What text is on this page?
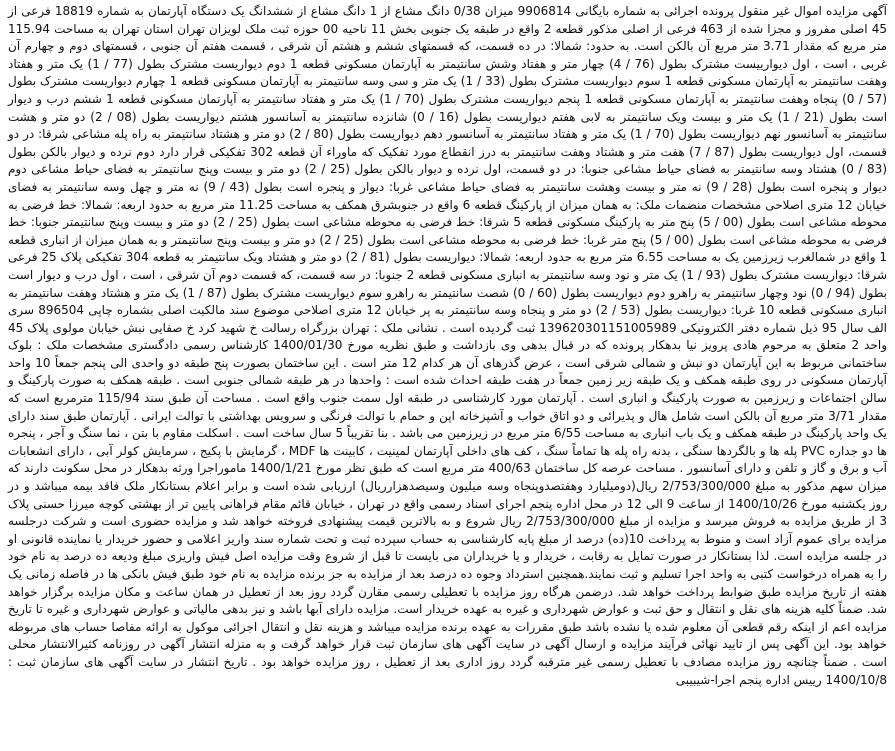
آگهی مزایده اموال غیر منقول پرونده اجرائی به شماره بایگانی 9906814 میزان 0/38 دانگ مشاع از 1 دانگ مشاع از ششدانگ یک دستگاه آپارتمان به شماره 18819 فرعی از 45 اصلی مفروز و مجزا شده از 463 فرعی از اصلی مذکور قطعه 2 واقع در طبقه یک جنوبی بخش 11 ناحیه 00 حوزه ثبت ملک لویزان تهران استان تهران به مساحت 115.94 متر مربع که مقدار 3.71 متر مربع آن بالکن است. به حدود: شمالا: در ده قسمت، که قسمتهای ششم و هشتم آن شرقی ، قسمت هفتم آن جنوبی ، قسمتهای دوم و چهارم آن غربی ، است ، اول دیوارییست مشترک بطول (76 / 4) چهار متر و هفتاد وشش سانتیمتر به آپارتمان مسکونی قطعه 1 دوم دیواریست مشترک بطول (77 / 1) یک متر و هفتاد وهفت سانتیمتر به آپارتمان مسکونی قطعه 1 سوم دیواریست مشترک بطول (33 / 1) یک متر و سی وسه سانتیمتر به آپارتمان مسکونی قطعه 1 چهارم دیواریست مشترک بطول (57 / 0) پنجاه وهفت سانتیمتر به آپارتمان مسکونی قطعه 1 پنجم دیواریست مشترک بطول (70 / 1) یک متر و هفتاد سانتیمتر به آپارتمان مسکونی قطعه 1 ششم درب و دیوار است بطول (21 / 1) یک متر و بیست ویک سانتیمتر به لابی هفتم دیواریست بطول (16 / 0) شانزده سانتیمتر به آسانسور هشتم دیواریست بطول (08 / 2) دو متر و هشت سانتیمتر به آسانسور نهم دیواریست بطول (70 / 1) یک متر و هفتاد سانتیمتر به آسانسور دهم دیواریست بطول (80 / 2) دو متر و هشتاد سانتیمتر به راه پله مشاعی شرقا: در دو قسمت، اول دیواریست بطول (87 / 7) هفت متر و هشتاد وهفت سانتیمتر به درز انقطاع مورد تفکیک که ماوراء آن قطعه 302 تفکیکی قرار دارد دوم نرده و دیوار بالکن بطول (83 / 0) هشتاد وسه سانتیمتر به فضای حیاط مشاعی جنوبا: در دو قسمت، اول نرده و دیوار بالکن بطول (25 / 2) دو متر و بیست وپنج سانتیمتر به فضای حیاط مشاعی دوم دیوار و پنجره است بطول (28 / 9) نه متر و بیست وهشت سانتیمتر به فضای حیاط مشاعی غربا: دیوار و پنجره است بطول (43 / 9) نه متر و چهل وسه سانتیمتر به فضای خیابان 12 متری اصلاحی مشخصات منضمات ملک: به همان میزان از پارکینگ قطعه 6 واقع در جنوبشرق همکف به مساحت 11.25 متر مربع به حدود اربعه: شمالا: خط فرضی به محوطه مشاعی است بطول (00 / 5) پنج متر به پارکینگ مسکونی قطعه 5 شرقا: خط فرضی به محوطه مشاعی است بطول (25 / 2) دو متر و بیست وپنج سانتیمتر جنوبا: خط فرضی به محوطه مشاعی است بطول (00 / 5) پنج متر غربا: خط فرضی به محوطه مشاعی است بطول (25 / 2) دو متر و بیست وپنج سانتیمتر و به همان میزان از انباری قطعه 1 واقع در شمالغرب زیرزمین یک به مساحت 6.55 متر مربع به حدود اربعه: شمالا: دیواریست بطول (81 / 2) دو متر و هشتاد ویک سانتیمتر به قطعه 304 تفکیکی پلاک 25 فرعی شرقا: دیواریست مشترک بطول (93 / 1) یک متر و نود وسه سانتیمتر به انباری مسکونی قطعه 2 جنوبا: در سه قسمت، که قسمت دوم آن شرقی ، است ، اول درب و دیوار است بطول (94 / 0) نود وچهار سانتیمتر به راهرو دوم دیواریست بطول (60 / 0) شصت سانتیمتر به راهرو سوم دیواریست مشترک بطول (87 / 1) یک متر و هشتاد وهفت سانتیمتر به انباری مسکونی قطعه 10 غربا: دیواریست بطول (53 / 2) دو متر و پنجاه وسه سانتیمتر به پر خیابان 12 متری اصلاحی موضوع سند مالکیت اصلی بشماره چاپی 896504 سری الف سال 95 ذیل شماره دفتر الکترونیکی 139620301151005989 ثبت گردیده است . نشانی ملک : تهران بزرگراه رسالت خ شهید کرد خ صفایی نبش خیابان مولوی پلاک 45 واحد 2 متعلق به مرحوم هادی پرویز نیا بدهکار پرونده که در قبال بدهی وی بازداشت و طبق نظریه مورخ 1400/01/30 کارشناس رسمی دادگستری مشخصات ملک : بلوک ساختمانی مربوط به این آپارتمان دو نبش و شمالی شرقی است ، عرض گذرهای آن هر کدام 12 متر است . این ساختمان بصورت پنج طبقه دو واحدی الی پنجم جمعاً 10 واحد آپارتمان مسکونی در روی طبقه همکف و یک طبقه زیر زمین جمعاً در هفت طبقه احداث شده است : واحدها در هر طبقه شمالی جنوبی است . طبقه همکف به صورت پارکینگ و سالن اجتماعات و زیرزمین به صورت پارکینگ و انباری است . آپارتمان مورد کارشناسی در طبقه اول سمت جنوب واقع است . مساحت آن طبق سند 115/94 مترمربع است که مقدار 3/71 متر مربع آن بالکن است شامل هال و پذیرائی و دو اتاق خواب و آشپزخانه اپن و حمام با توالت فرنگی و سرویس بهداشتی با توالت ایرانی . آپارتمان طبق سند دارای یک واحد پارکینگ در طبقه همکف و یک باب انباری به مساحت 6/55 متر مربع در زیرزمین می باشد . بنا تقریباً 5 سال ساخت است . اسکلت مقاوم با بتن ، نما سنگ و آجر ، پنجره ها دو جداره PVC پله ها و بالگردها سنگی ، بدنه راه پله ها تماماً سنگ ، کف های داخلی آپارتمان لمینیت ، کابینت ها MDF ، گرمایش با پکیج ، سرمایش کولر آبی ، دارای انشعابات آب و برق و گاز و تلفن و دارای آسانسور . مساحت عرصه کل ساختمان 400/63 متر مربع است که طبق نظر مورخ 1400/1/21 ماموراجرا ورثه بدهکار در محل سکونت دارند که میزان سهم مذکور به مبلغ 2/753/300/000 ریال(دومیلیارد وهفتصدوپنجاه وسه میلیون وسیصدهزارریال) ارزیابی شده است و برابر اعلام بستانکار ملک فاقد بیمه میباشد و در روز یکشنبه مورخ 1400/10/26 از ساعت 9 الی 12 در محل اداره پنجم اجرای اسناد رسمی واقع در تهران ، خیابان قائم مقام فراهانی پایین تر از بهشتی کوچه میرزا حسنی پلاک 3 از طریق مزایده به فروش میرسد و مزایده از مبلغ 2/753/300/000 ریال شروع و به بالاترین قیمت پیشنهادی فروخته خواهد شد و مزایده حضوری است و شرکت درجلسه مزایده برای عموم آزاد است و منوط به پرداخت 10(ده) درصد از مبلغ پایه کارشناسی به حساب سپرده ثبت و تحت شماره سند واریز اعلامی و حضور خریدار یا نماینده قانونی او در جلسه مزایده است. لذا بستانکار در صورت تمایل به رقابت ، خریدار و یا خریداران می بایست تا قبل از شروع وقت مزایده اصل فیش واریزی مبلغ ودیعه ده درصد به نام خود را به همراه درخواست کتبی به واحد اجرا تسلیم و ثبت نمایند.همچنین استرداد وجوه ده درصد بعد از مزایده به جز برنده مزایده به نام خود طبق فیش بانکی ها در فاصله زمانی یک هفته از تاریخ مزایده طبق ضوابط پرداخت خواهد شد. درضمن هرگاه روز مزایده با تعطیلی رسمی مقارن گردد روز بعد از تعطیل در همان ساعت و مکان مزایده برگزار خواهد شد. ضمناً کلیه هزینه های نقل و انتقال و حق ثبت و عوارض شهرداری و غیره به عهده خریدار است. مزایده دارای آبها باشد و نیز بدهی مالیاتی و عوارض شهرداری و غیره تا تاریخ مزایده اعم از اینکه رقم قطعی آن معلوم شده یا نشده باشد طبق مقررات به عهده برنده مزایده میباشد و هزینه نقل و انتقال اجرائی موکول به ارائه مفاصا حساب های مربوطه خواهد بود. این آگهی پس از تایید نهائی فرآیند مزایده و ارسال آگهی در سایت آگهی های سازمان ثبت قرار خواهد گرفت و به منزله انتشار آگهی در روزنامه کثیرالانتشار محلی است . ضمناً چنانچه روز مزایده مصادف با تعطیل رسمی غیر مترقبه گردد روز اداری بعد از تعطیل ، روز مزایده خواهد بود . تاریخ انتشار در سایت آگهی های سازمان ثبت : 1400/10/8 رییس اداره پنجم اجرا-شیبیبی
